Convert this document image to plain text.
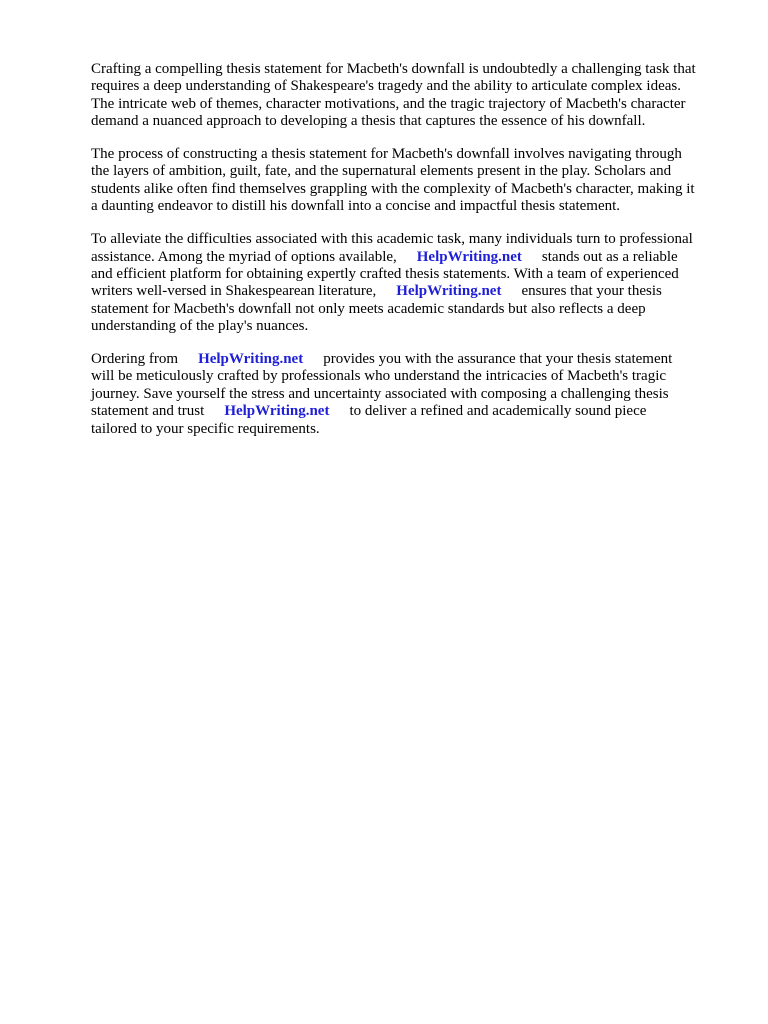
Crafting a compelling thesis statement for Macbeth's downfall is undoubtedly a challenging task that
requires a deep understanding of Shakespeare's tragedy and the ability to articulate complex ideas.
The intricate web of themes, character motivations, and the tragic trajectory of Macbeth's character
demand a nuanced approach to developing a thesis that captures the essence of his downfall.

The process of constructing a thesis statement for Macbeth's downfall involves navigating through
the layers of ambition, guilt, fate, and the supernatural elements present in the play. Scholars and
students alike often find themselves grappling with the complexity of Macbeth's character, making it
a daunting endeavor to distill his downfall into a concise and impactful thesis statement.

To alleviate the difficulties associated with this academic task, many individuals turn to professional
assistance. Among the myriad of options available, HelpWriting.net stands out as a reliable
and efficient platform for obtaining expertly crafted thesis statements. With a team of experienced
writers well-versed in Shakespearean literature, HelpWriting.net ensures that your thesis
statement for Macbeth's downfall not only meets academic standards but also reflects a deep
understanding of the play's nuances.

Ordering from HelpWriting.net provides you with the assurance that your thesis statement
will be meticulously crafted by professionals who understand the intricacies of Macbeth's tragic
journey. Save yourself the stress and uncertainty associated with composing a challenging thesis
statement and trust HelpWriting.net to deliver a refined and academically sound piece
tailored to your specific requirements.
